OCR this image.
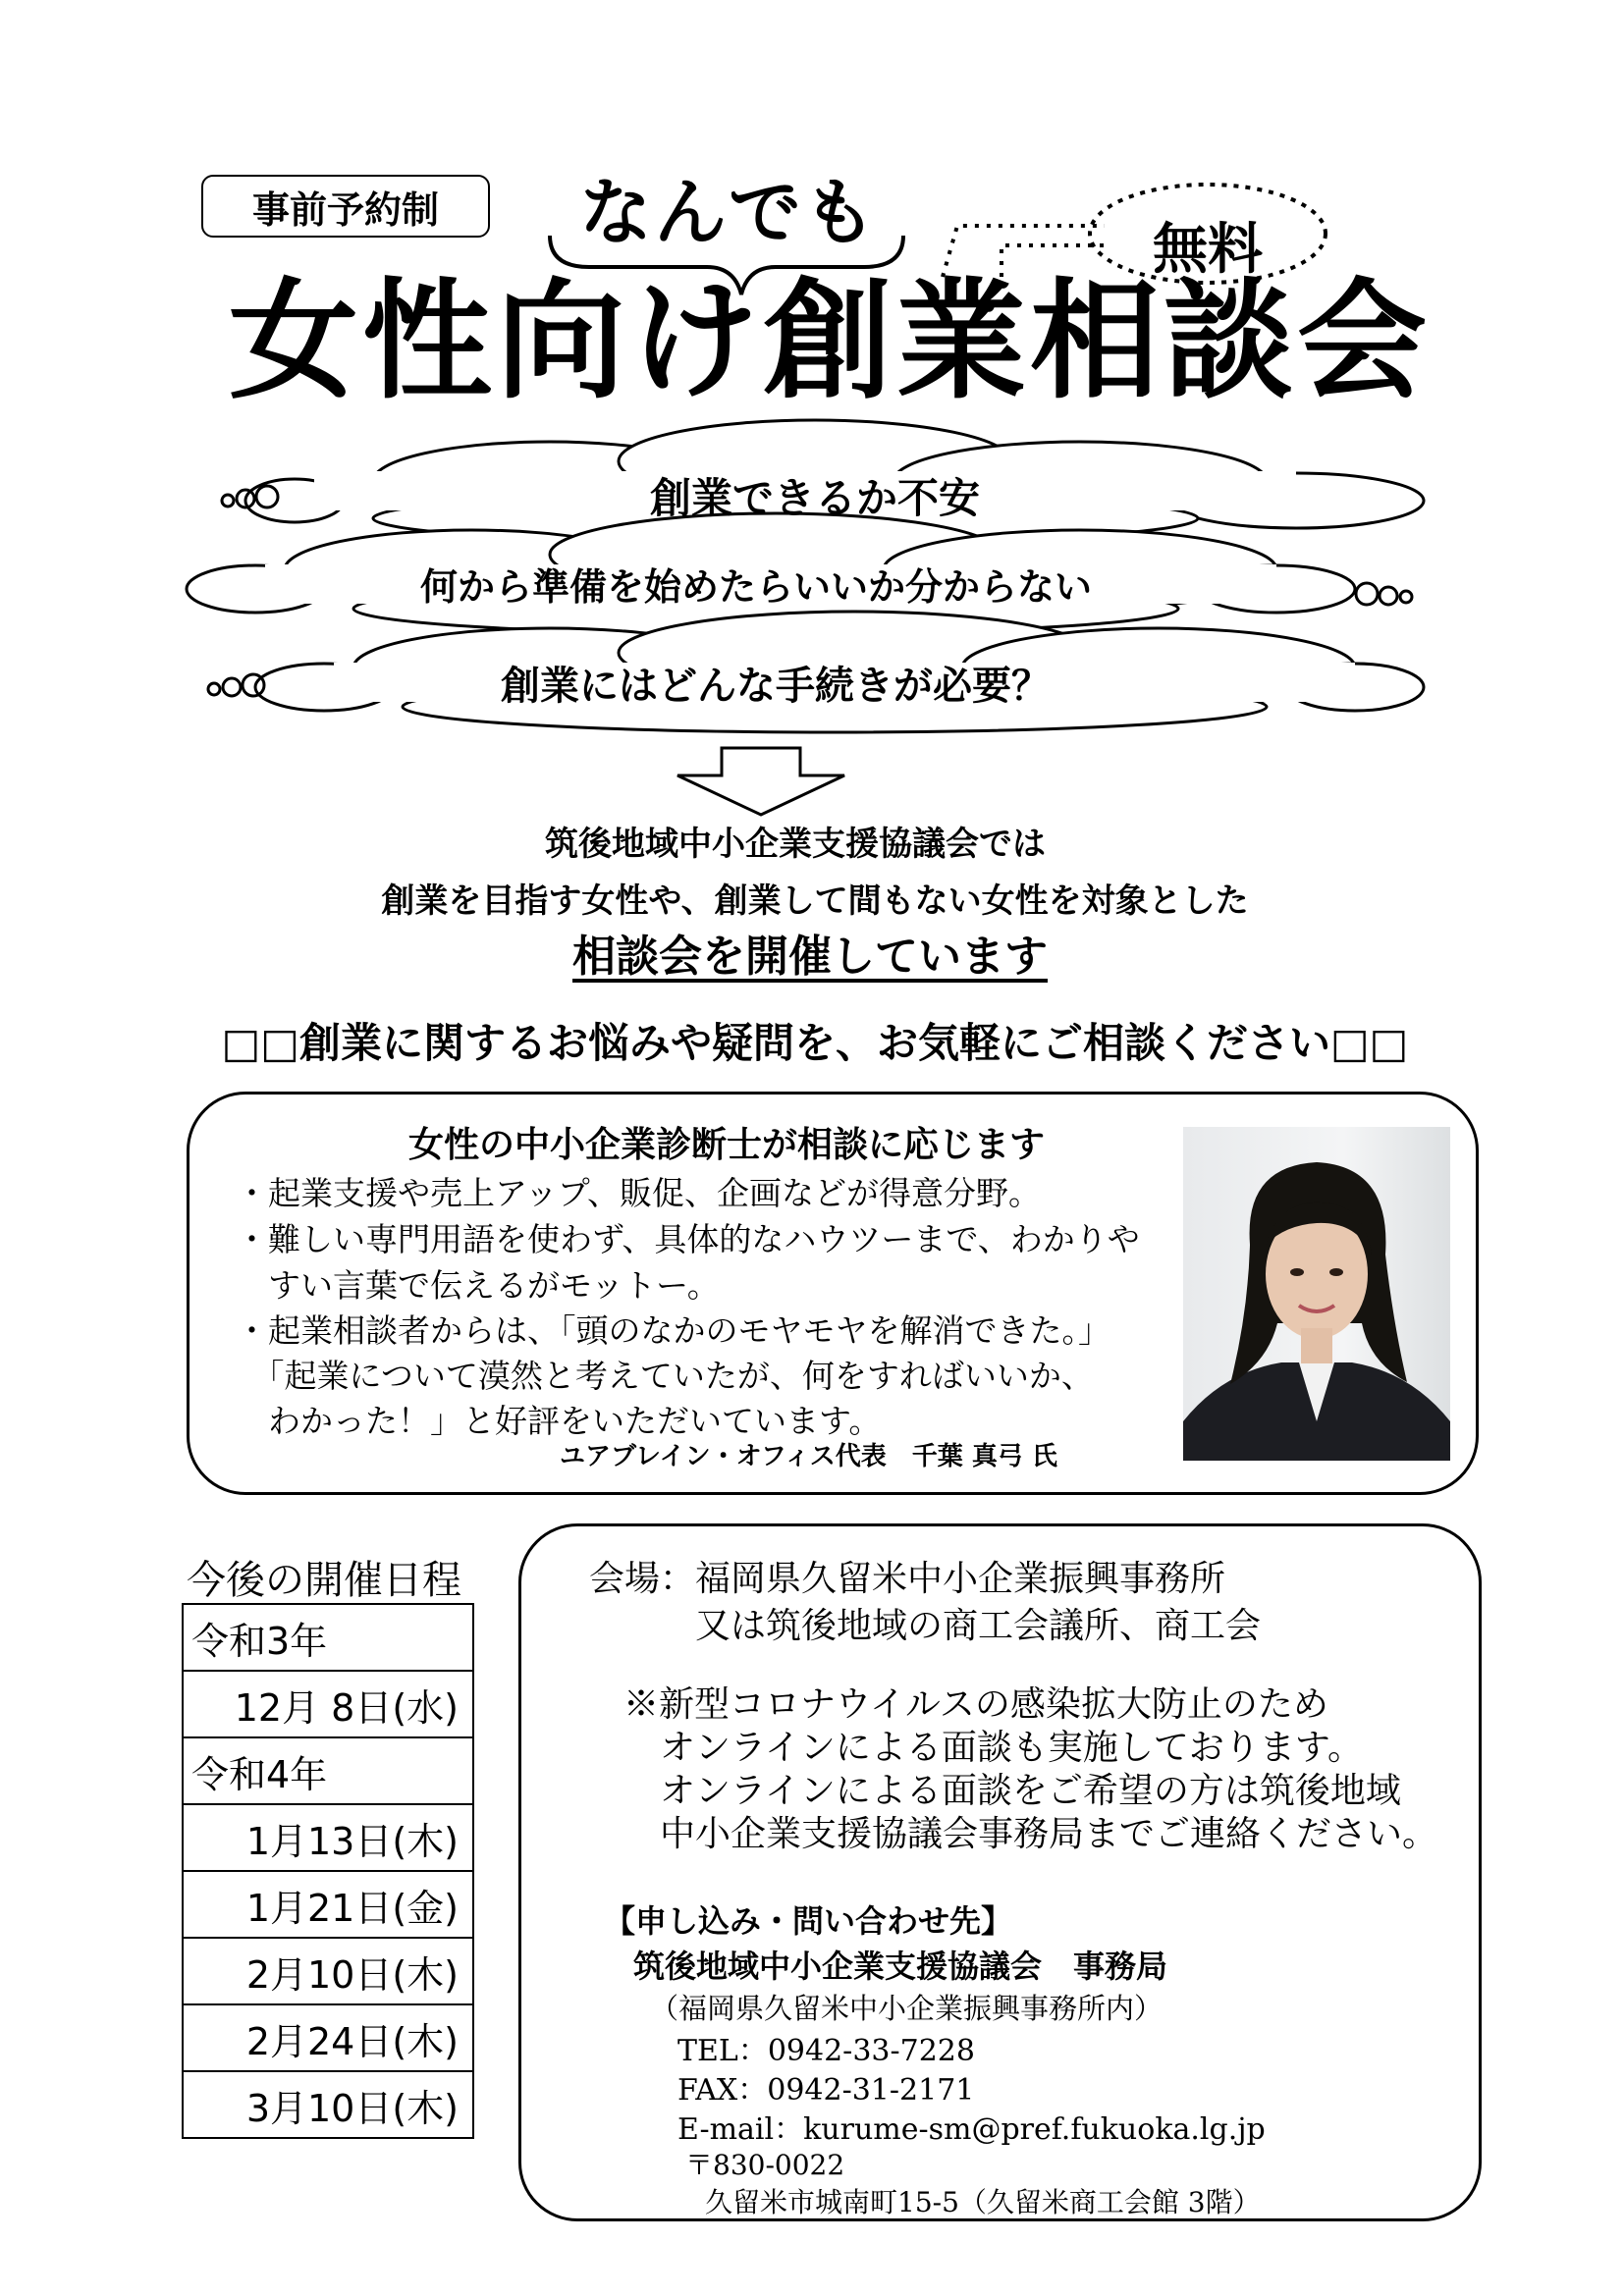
事前予約制	なんでも	無料
女性向け創業相談会
創業できるか不安
何から準備を始めたらいいか分からない
創業にはどんな手続きが必要？
筑後地域中小企業支援協議会では
創業を目指す女性や、創業して間もない女性を対象とした
相談会を開催しています
□□創業に関するお悩みや疑問を、お気軽にご相談ください□□
女性の中小企業診断士が相談に応じます
・起業支援や売上アップ、販促、企画などが得意分野。
・難しい専門用語を使わず、具体的なハウツーまで、わかりや
　すい言葉で伝えるがモットー。
・起業相談者からは、「頭のなかのモヤモヤを解消できた。」
　「起業について漠然と考えていたが、何をすればいいか、
　わかった！」と好評をいただいています。
ユアブレイン・オフィス代表　千葉 真弓 氏
今後の開催日程
令和3年
12月 8日(水)
令和4年
1月13日(木)
1月21日(金)
2月10日(木)
2月24日(木)
3月10日(木)
会場：福岡県久留米中小企業振興事務所
又は筑後地域の商工会議所、商工会
※新型コロナウイルスの感染拡大防止のため
オンラインによる面談も実施しております。
オンラインによる面談をご希望の方は筑後地域
中小企業支援協議会事務局までご連絡ください。
【申し込み・問い合わせ先】
筑後地域中小企業支援協議会　事務局
（福岡県久留米中小企業振興事務所内）
TEL：0942-33-7228
FAX：0942-31-2171
E-mail：kurume-sm@pref.fukuoka.lg.jp
〒830-0022
久留米市城南町15-5（久留米商工会館 3階）
